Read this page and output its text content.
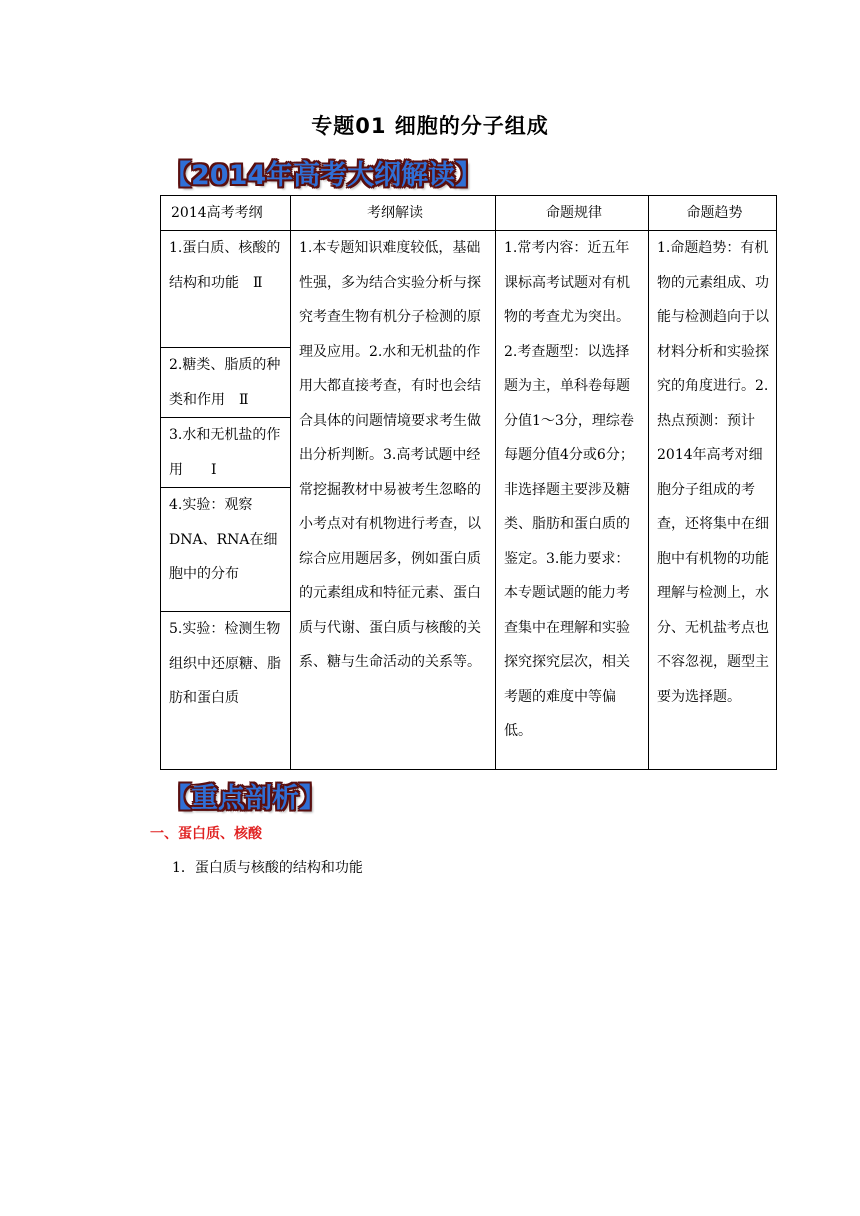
专题01 细胞的分子组成
【2014年高考大纲解读】
2014高考考纲	考纲解读	命题规律	命题趋势

1.蛋白质、核酸的结构和功能　Ⅱ	1.本专题知识难度较低，基础性强，多为结合实验分析与探究考查生物有机分子检测的原理及应用。2.水和无机盐的作用大都直接考查，有时也会结合具体的问题情境要求考生做出分析判断。3.高考试题中经常挖掘教材中易被考生忽略的小考点对有机物进行考查，以综合应用题居多，例如蛋白质的元素组成和特征元素、蛋白质与代谢、蛋白质与核酸的关系、糖与生命活动的关系等。	1.常考内容：近五年课标高考试题对有机物的考查尤为突出。2.考查题型：以选择题为主，单科卷每题分值1～3分，理综卷每题分值4分或6分；非选择题主要涉及糖类、脂肪和蛋白质的鉴定。3.能力要求：本专题试题的能力考查集中在理解和实验探究探究层次，相关考题的难度中等偏低。	1.命题趋势：有机物的元素组成、功能与检测趋向于以材料分析和实验探究的角度进行。2.热点预测：预计2014年高考对细胞分子组成的考查，还将集中在细胞中有机物的功能理解与检测上，水分、无机盐考点也不容忽视，题型主要为选择题。

2.糖类、脂质的种类和作用　Ⅱ			

3.水和无机盐的作用　　Ⅰ			

4.实验：观察DNA、RNA在细胞中的分布			

5.实验：检测生物组织中还原糖、脂肪和蛋白质			
【重点剖析】
一、蛋白质、核酸
1．蛋白质与核酸的结构和功能
